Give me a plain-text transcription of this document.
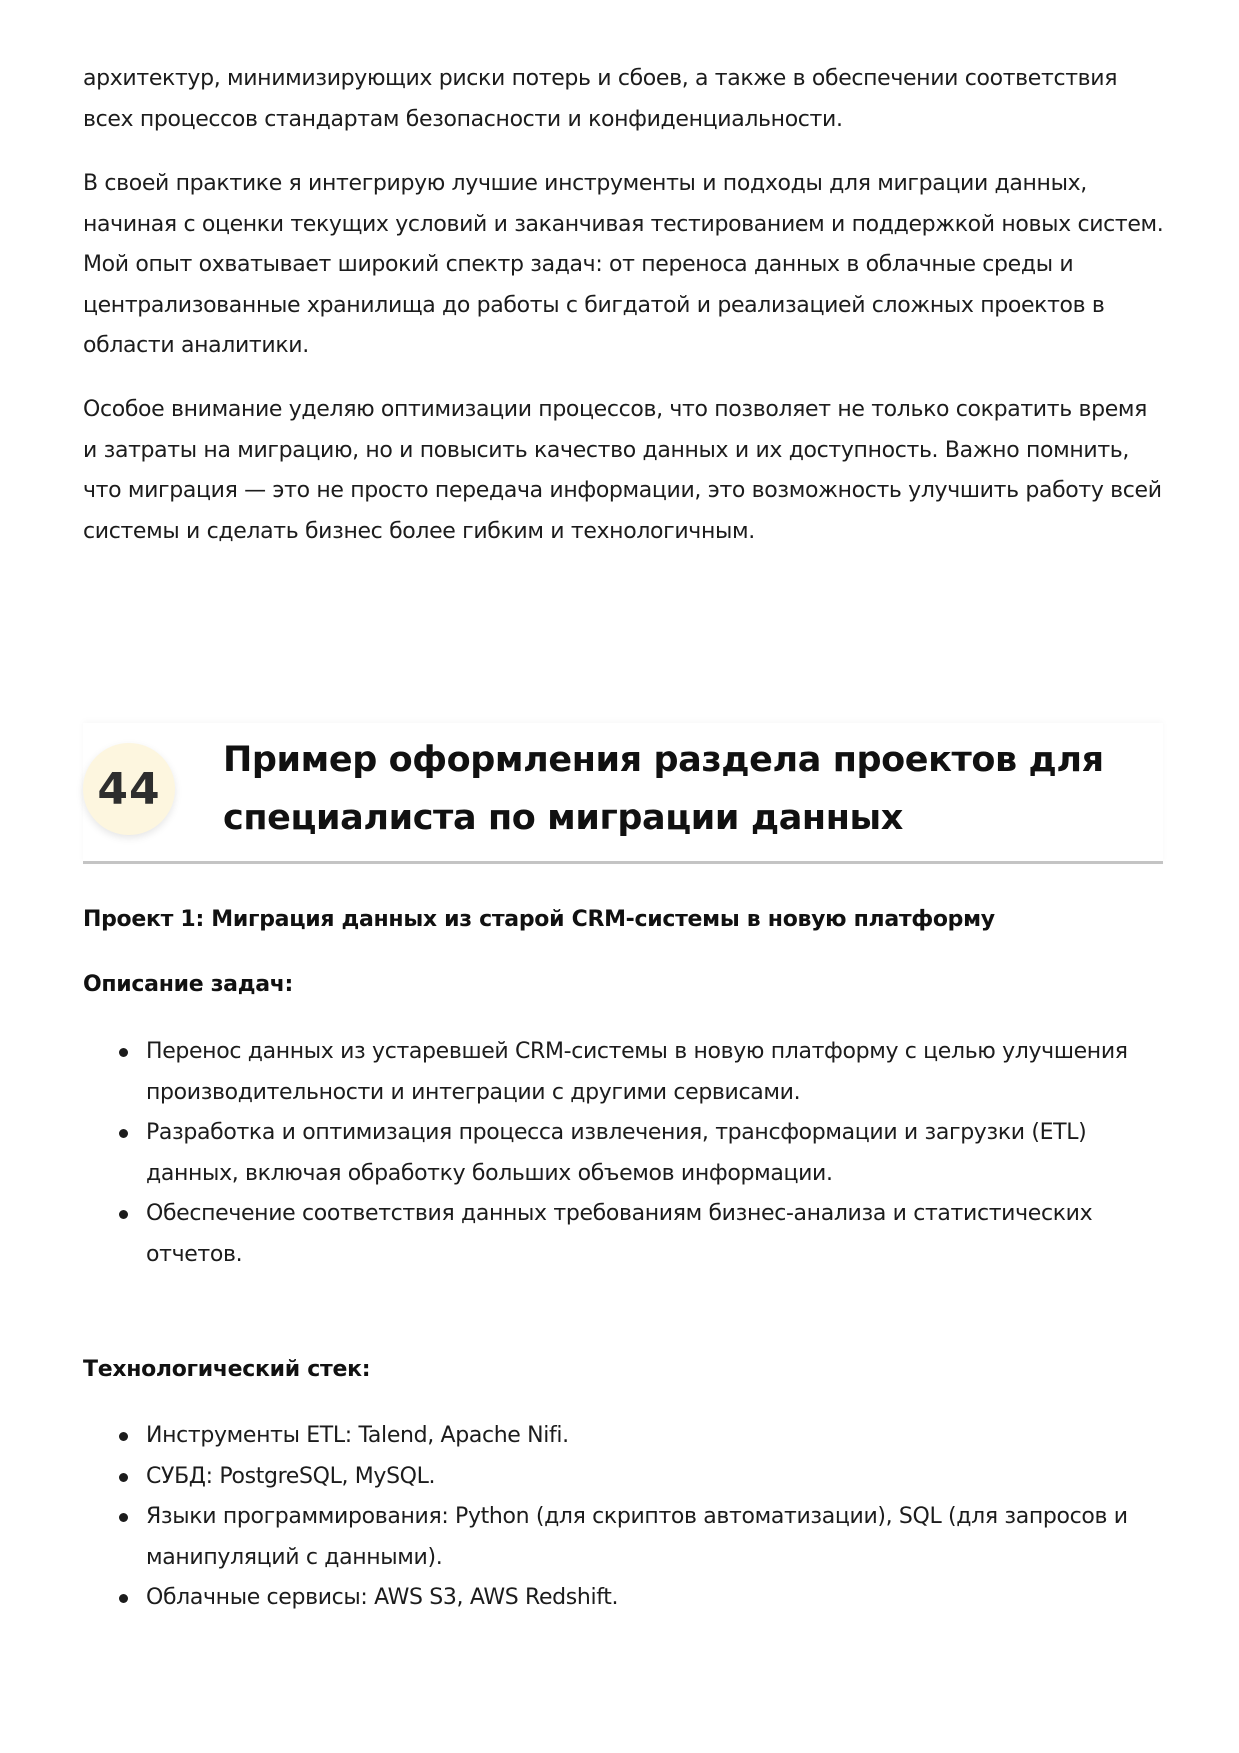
архитектур, минимизирующих риски потерь и сбоев, а также в обеспечении соответствия всех процессов стандартам безопасности и конфиденциальности.

В своей практике я интегрирую лучшие инструменты и подходы для миграции данных, начиная с оценки текущих условий и заканчивая тестированием и поддержкой новых систем. Мой опыт охватывает широкий спектр задач: от переноса данных в облачные среды и централизованные хранилища до работы с бигдатой и реализацией сложных проектов в области аналитики.

Особое внимание уделяю оптимизации процессов, что позволяет не только сократить время и затраты на миграцию, но и повысить качество данных и их доступность. Важно помнить, что миграция — это не просто передача информации, это возможность улучшить работу всей системы и сделать бизнес более гибким и технологичным.

44
Пример оформления раздела проектов для специалиста по миграции данных

Проект 1: Миграция данных из старой CRM-системы в новую платформу

Описание задач:

Перенос данных из устаревшей CRM-системы в новую платформу с целью улучшения производительности и интеграции с другими сервисами.
Разработка и оптимизация процесса извлечения, трансформации и загрузки (ETL) данных, включая обработку больших объемов информации.
Обеспечение соответствия данных требованиям бизнес-анализа и статистических отчетов.

Технологический стек:

Инструменты ETL: Talend, Apache Nifi.
СУБД: PostgreSQL, MySQL.
Языки программирования: Python (для скриптов автоматизации), SQL (для запросов и манипуляций с данными).
Облачные сервисы: AWS S3, AWS Redshift.
